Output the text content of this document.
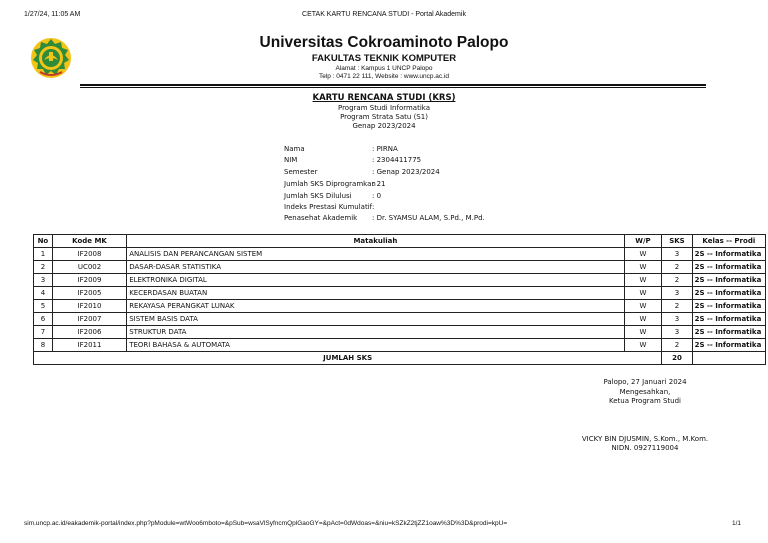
1/27/24, 11:05 AM	CETAK KARTU RENCANA STUDI - Portal Akademik
Universitas Cokroaminoto Palopo
FAKULTAS TEKNIK KOMPUTER
Alamat : Kampus 1 UNCP Palopo
Telp : 0471 22 111, Website : www.uncp.ac.id
KARTU RENCANA STUDI (KRS)
Program Studi Informatika
Program Strata Satu (S1)
Genap 2023/2024
Nama	: PIRNA
NIM	: 2304411775
Semester	: Genap 2023/2024
Jumlah SKS Diprogramkan
: 21
Jumlah SKS Dilulusi	: 0
Indeks Prestasi Kumulatif :
Penasehat Akademik : Dr. SYAMSU ALAM, S.Pd., M.Pd.
No	Kode MK	Matakuliah	W/P	SKS	Kelas -- Prodi
1	IF2008	ANALISIS DAN PERANCANGAN SISTEM	W	3	2S -- Informatika
2	UC002	DASAR-DASAR STATISTIKA	W	2	2S -- Informatika
3	IF2009	ELEKTRONIKA DIGITAL	W	2	2S -- Informatika
4	IF2005	KECERDASAN BUATAN	W	3	2S -- Informatika
5	IF2010	REKAYASA PERANGKAT LUNAK	W	2	2S -- Informatika
6	IF2007	SISTEM BASIS DATA	W	3	2S -- Informatika
7	IF2006	STRUKTUR DATA	W	3	2S -- Informatika
8	IF2011	TEORI BAHASA & AUTOMATA	W	2	2S -- Informatika
JUMLAH SKS				20	
Palopo, 27 Januari 2024
Mengesahkan,
Ketua Program Studi
VICKY BIN DJUSMIN, S.Kom., M.Kom.
NIDN. 0927119004
sim.uncp.ac.id/eakademik-portal/index.php?pModule=wtWoo6mboto=&pSub=wsaVlSyfncmQplGaoGY=&pAct=0dWdoas=&niu=kSZkZ2tjZZ1oaw%3D%3D&prodi=kpU=	1/1
